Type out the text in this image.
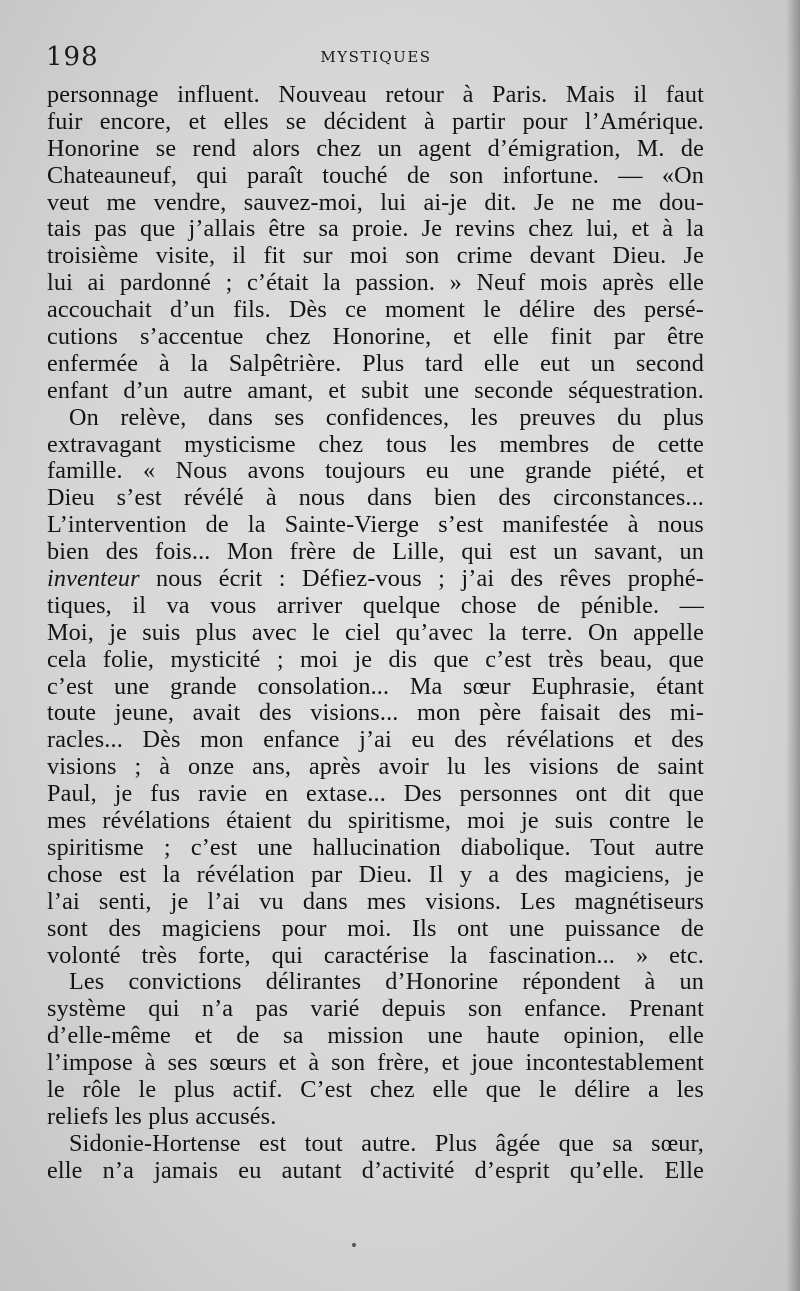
198	MYSTIQUES
personnage influent. Nouveau retour à Paris. Mais il faut
fuir encore, et elles se décident à partir pour l’Amérique.
Honorine se rend alors chez un agent d’émigration, M. de
Chateauneuf, qui paraît touché de son infortune. — «On
veut me vendre, sauvez-moi, lui ai-je dit. Je ne me dou-
tais pas que j’allais être sa proie. Je revins chez lui, et à la
troisième visite, il fit sur moi son crime devant Dieu. Je
lui ai pardonné ; c’était la passion. » Neuf mois après elle
accouchait d’un fils. Dès ce moment le délire des persé-
cutions s’accentue chez Honorine, et elle finit par être
enfermée à la Salpêtrière. Plus tard elle eut un second
enfant d’un autre amant, et subit une seconde séquestration.
On relève, dans ses confidences, les preuves du plus
extravagant mysticisme chez tous les membres de cette
famille. « Nous avons toujours eu une grande piété, et
Dieu s’est révélé à nous dans bien des circonstances...
L’intervention de la Sainte-Vierge s’est manifestée à nous
bien des fois... Mon frère de Lille, qui est un savant, un
inventeur nous écrit : Défiez-vous ; j’ai des rêves prophé-
tiques, il va vous arriver quelque chose de pénible. —
Moi, je suis plus avec le ciel qu’avec la terre. On appelle
cela folie, mysticité ; moi je dis que c’est très beau, que
c’est une grande consolation... Ma sœur Euphrasie, étant
toute jeune, avait des visions... mon père faisait des mi-
racles... Dès mon enfance j’ai eu des révélations et des
visions ; à onze ans, après avoir lu les visions de saint
Paul, je fus ravie en extase... Des personnes ont dit que
mes révélations étaient du spiritisme, moi je suis contre le
spiritisme ; c’est une hallucination diabolique. Tout autre
chose est la révélation par Dieu. Il y a des magiciens, je
l’ai senti, je l’ai vu dans mes visions. Les magnétiseurs
sont des magiciens pour moi. Ils ont une puissance de
volonté très forte, qui caractérise la fascination... » etc.
Les convictions délirantes d’Honorine répondent à un
système qui n’a pas varié depuis son enfance. Prenant
d’elle-même et de sa mission une haute opinion, elle
l’impose à ses sœurs et à son frère, et joue incontestablement
le rôle le plus actif. C’est chez elle que le délire a les
reliefs les plus accusés.
Sidonie-Hortense est tout autre. Plus âgée que sa sœur,
elle n’a jamais eu autant d’activité d’esprit qu’elle. Elle
